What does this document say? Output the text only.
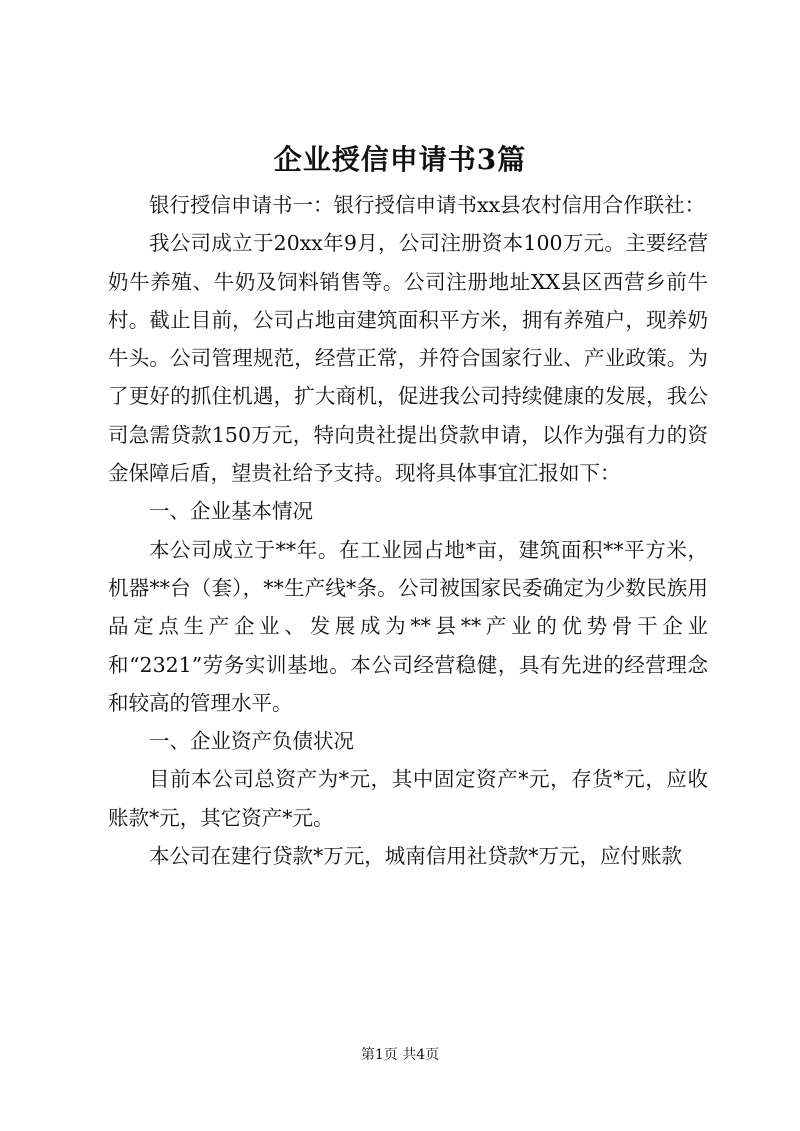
企业授信申请书3篇

银行授信申请书一：银行授信申请书xx县农村信用合作联社：

我公司成立于20xx年9月，公司注册资本100万元。主要经营奶牛养殖、牛奶及饲料销售等。公司注册地址XX县区西营乡前牛村。截止目前，公司占地亩建筑面积平方米，拥有养殖户，现养奶牛头。公司管理规范，经营正常，并符合国家行业、产业政策。为了更好的抓住机遇，扩大商机，促进我公司持续健康的发展，我公司急需贷款150万元，特向贵社提出贷款申请，以作为强有力的资金保障后盾，望贵社给予支持。现将具体事宜汇报如下：

一、企业基本情况

本公司成立于**年。在工业园占地*亩，建筑面积**平方米，机器**台（套），**生产线*条。公司被国家民委确定为少数民族用品定点生产企业、发展成为**县**产业的优势骨干企业和“2321”劳务实训基地。本公司经营稳健，具有先进的经营理念和较高的管理水平。

一、企业资产负债状况

目前本公司总资产为*元，其中固定资产*元，存货*元，应收账款*元，其它资产*元。

本公司在建行贷款*万元，城南信用社贷款*万元，应付账款

第1页 共4页
